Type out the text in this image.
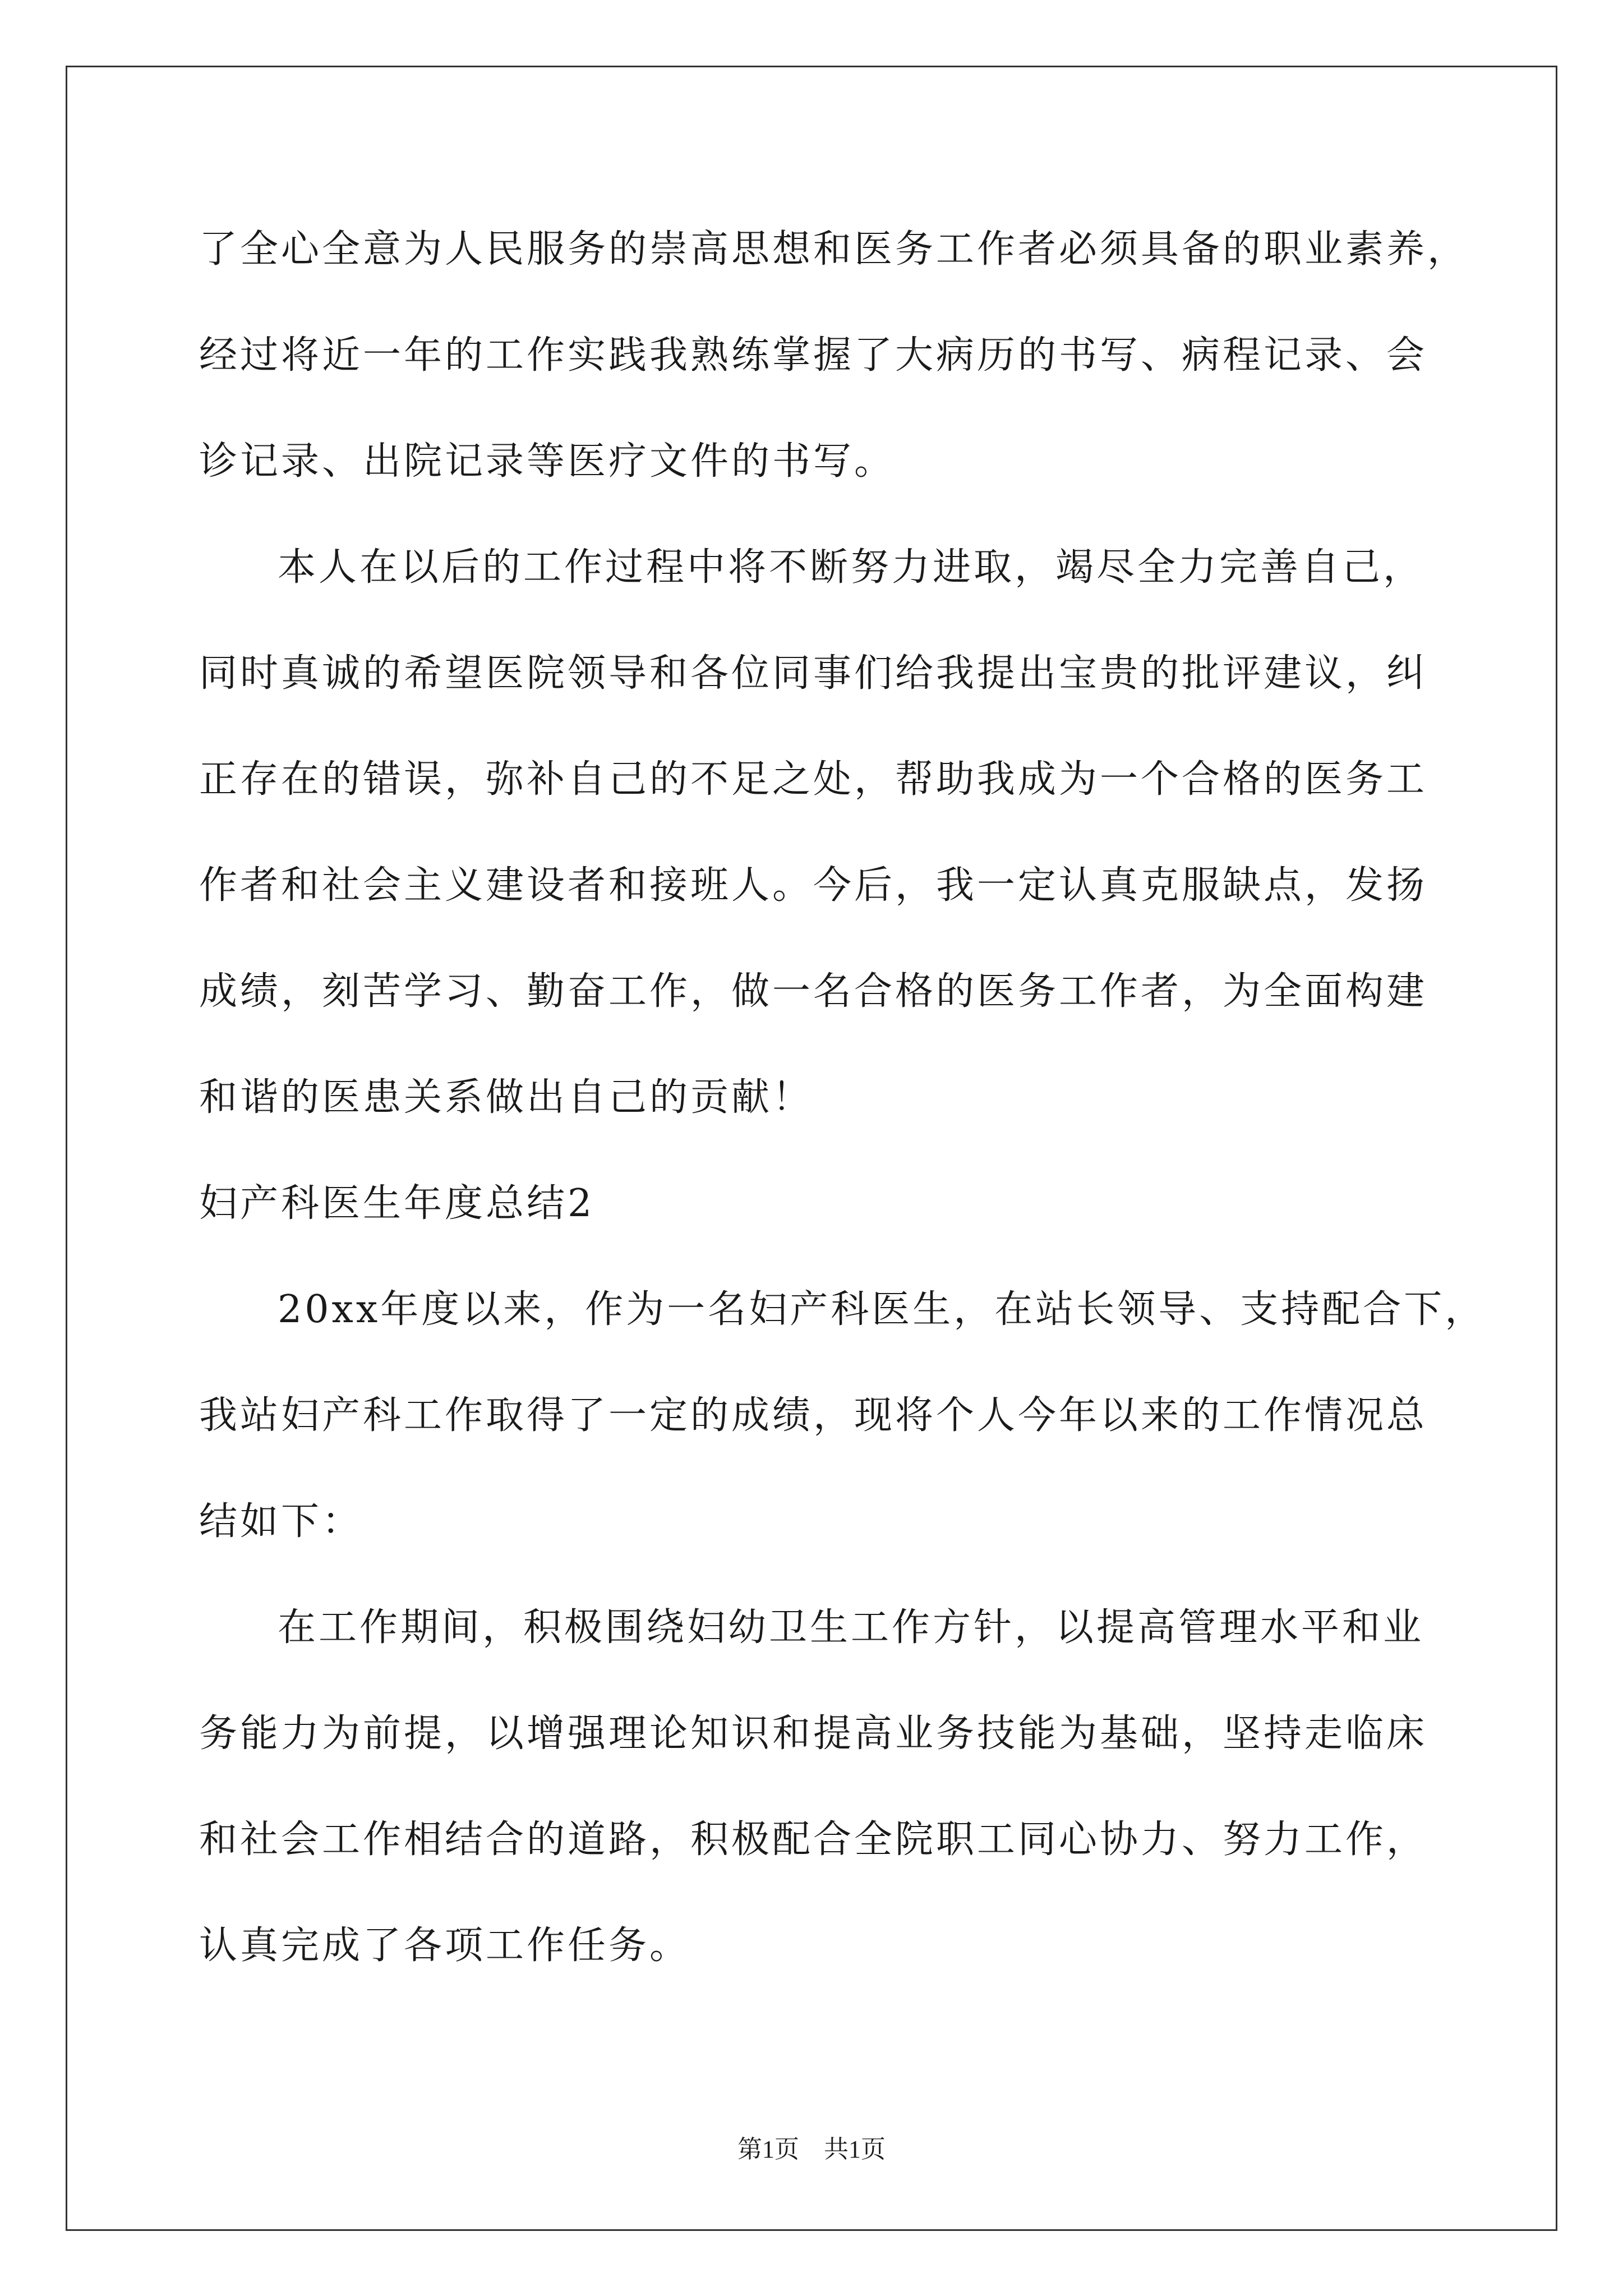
了全心全意为人民服务的崇高思想和医务工作者必须具备的职业素养，
经过将近一年的工作实践我熟练掌握了大病历的书写、病程记录、会
诊记录、出院记录等医疗文件的书写。
本人在以后的工作过程中将不断努力进取，竭尽全力完善自己，
同时真诚的希望医院领导和各位同事们给我提出宝贵的批评建议，纠
正存在的错误，弥补自己的不足之处，帮助我成为一个合格的医务工
作者和社会主义建设者和接班人。今后，我一定认真克服缺点，发扬
成绩，刻苦学习、勤奋工作，做一名合格的医务工作者，为全面构建
和谐的医患关系做出自己的贡献！
妇产科医生年度总结2
20xx年度以来，作为一名妇产科医生，在站长领导、支持配合下，
我站妇产科工作取得了一定的成绩，现将个人今年以来的工作情况总
结如下：
在工作期间，积极围绕妇幼卫生工作方针，以提高管理水平和业
务能力为前提，以增强理论知识和提高业务技能为基础，坚持走临床
和社会工作相结合的道路，积极配合全院职工同心协力、努力工作，
认真完成了各项工作任务。
第1页　共1页
